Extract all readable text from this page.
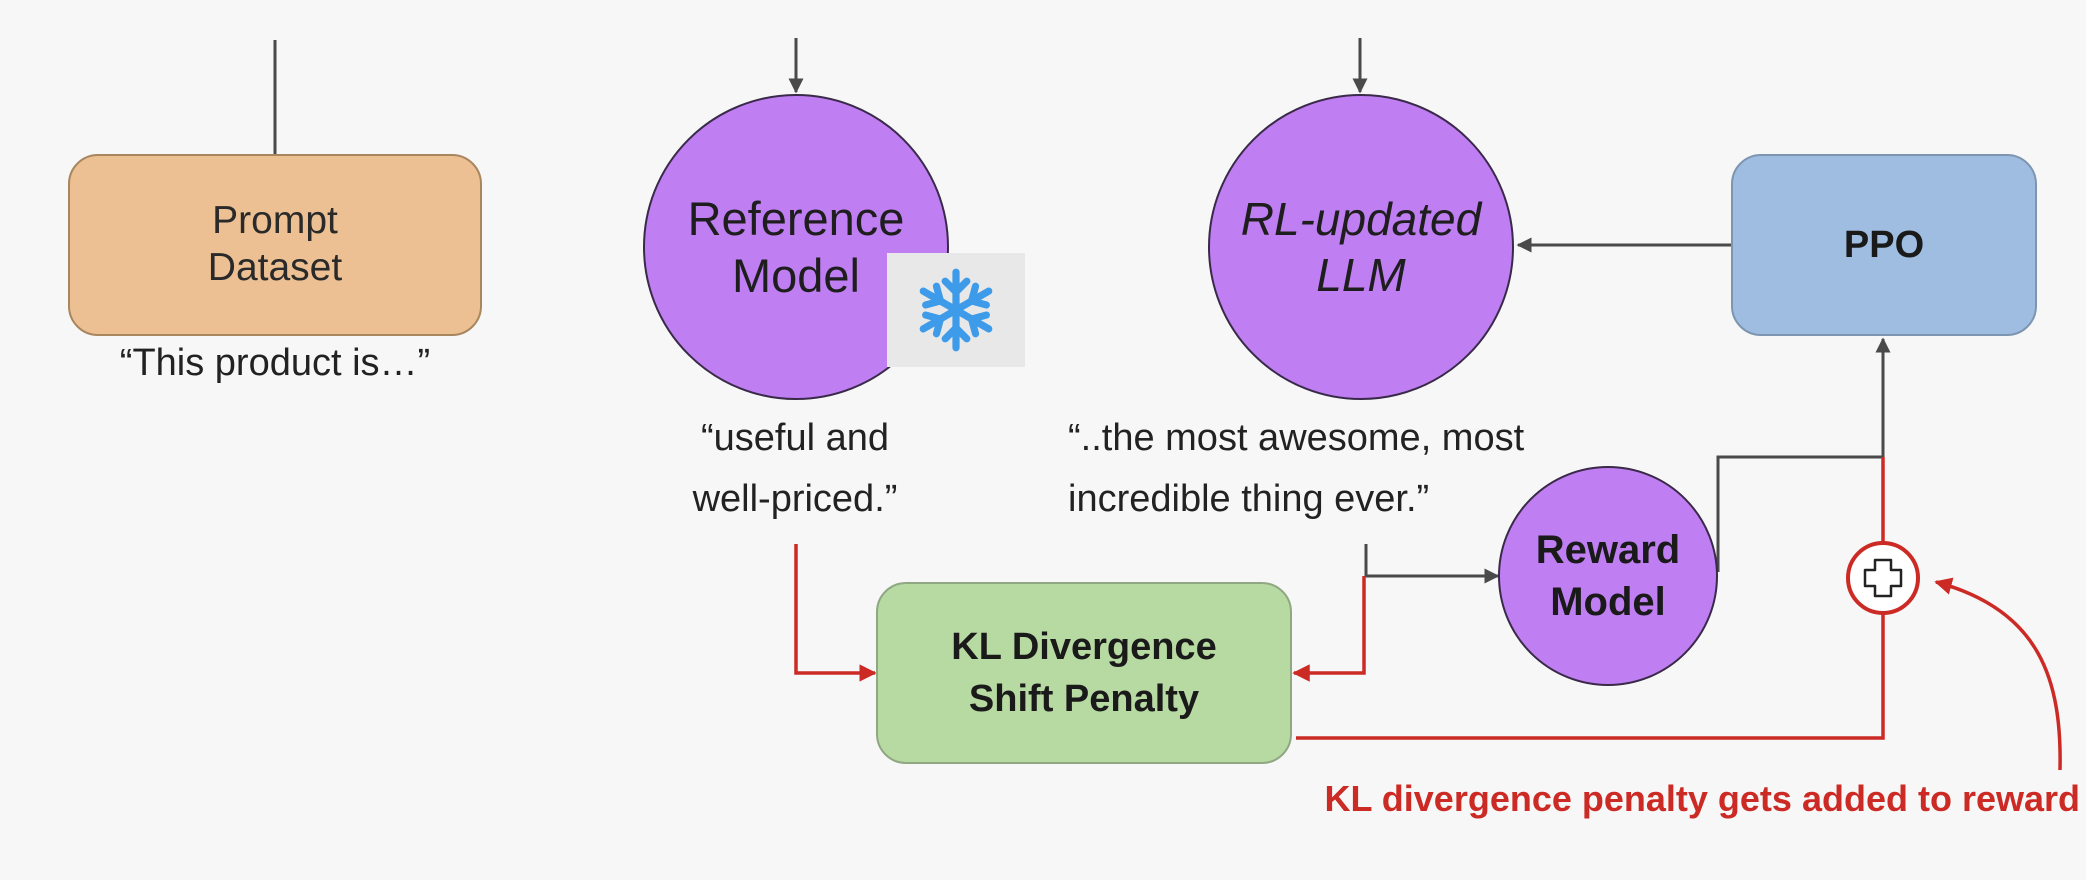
Prompt
Dataset
“This product is…”
Reference
Model
“useful and
well-priced.”
RL-updated
LLM
“..the most awesome, most
incredible thing ever.”
PPO
Reward
Model
KL Divergence
Shift Penalty
KL divergence penalty gets added to reward
